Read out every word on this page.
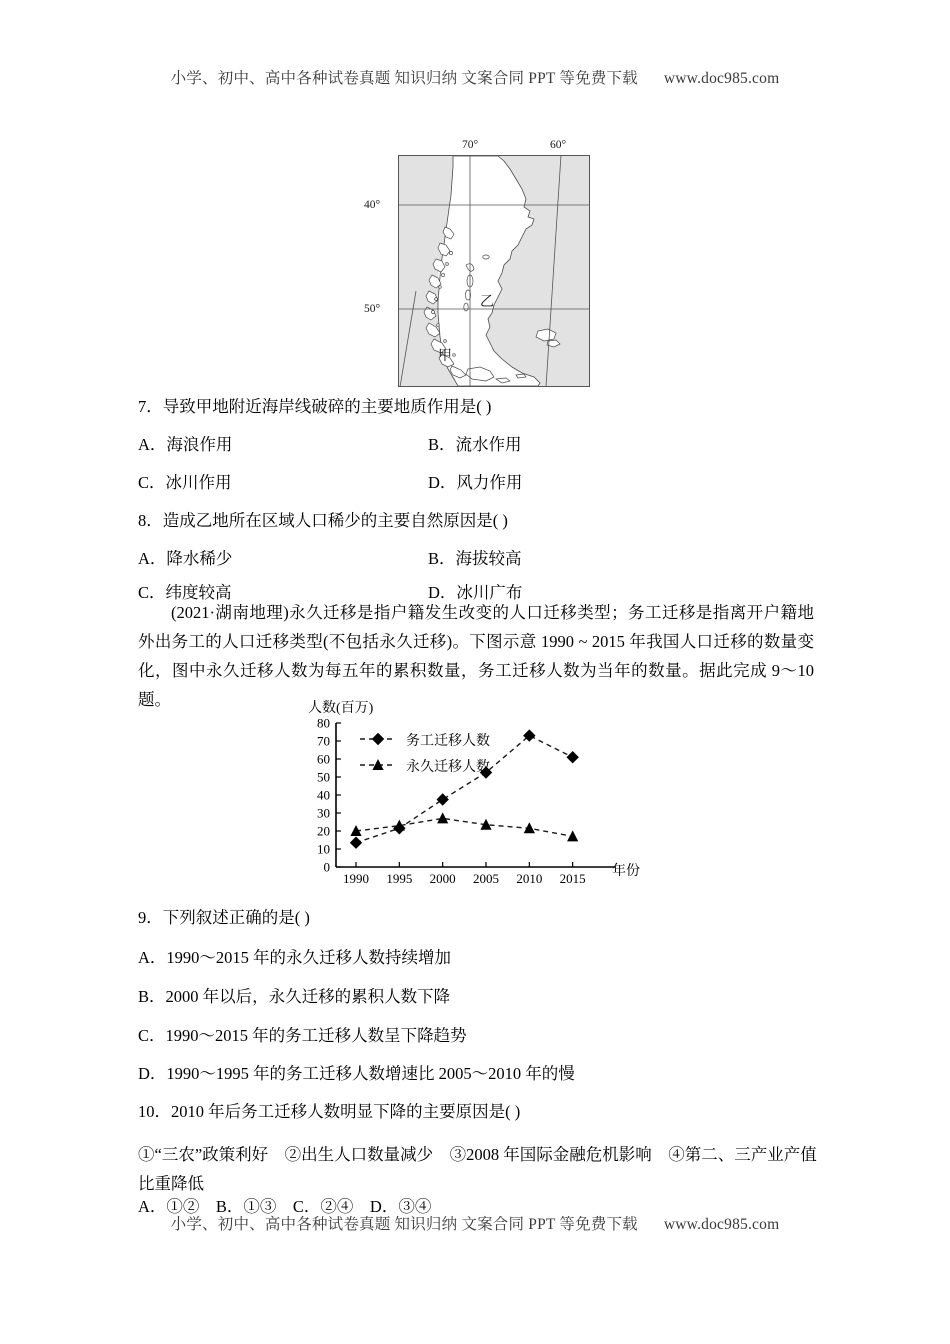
小学、初中、高中各种试卷真题 知识归纳 文案合同 PPT 等免费下载 www.doc985.com
70°	60°
40°
50°
甲
乙
7．导致甲地附近海岸线破碎的主要地质作用是( )
A．海浪作用	B．流水作用
C．冰川作用	D．风力作用
8．造成乙地所在区域人口稀少的主要自然原因是( )
A．降水稀少	B．海拔较高
C．纬度较高	D．冰川广布
(2021·湖南地理)永久迁移是指户籍发生改变的人口迁移类型；务工迁移是指离开户籍地外出务工的人口迁移类型(不包括永久迁移)。下图示意 1990 ~ 2015 年我国人口迁移的数量变化，图中永久迁移人数为每五年的累积数量，务工迁移人数为当年的数量。据此完成 9～10 题。	人数(百万)
年份
0
10
20
30
40
50
60
70
80
1990 1995 2000 2005 2010 2015
务工迁移人数
永久迁移人数
9．下列叙述正确的是( )
A．1990～2015 年的永久迁移人数持续增加
B．2000 年以后，永久迁移的累积人数下降
C．1990～2015 年的务工迁移人数呈下降趋势
D．1990～1995 年的务工迁移人数增速比 2005～2010 年的慢
10．2010 年后务工迁移人数明显下降的主要原因是( )
①“三农”政策利好　②出生人口数量减少　③2008 年国际金融危机影响　④第二、三产业产值比重降低
A．①②　B．①③　C．②④　D．③④
小学、初中、高中各种试卷真题 知识归纳 文案合同 PPT 等免费下载 www.doc985.com
